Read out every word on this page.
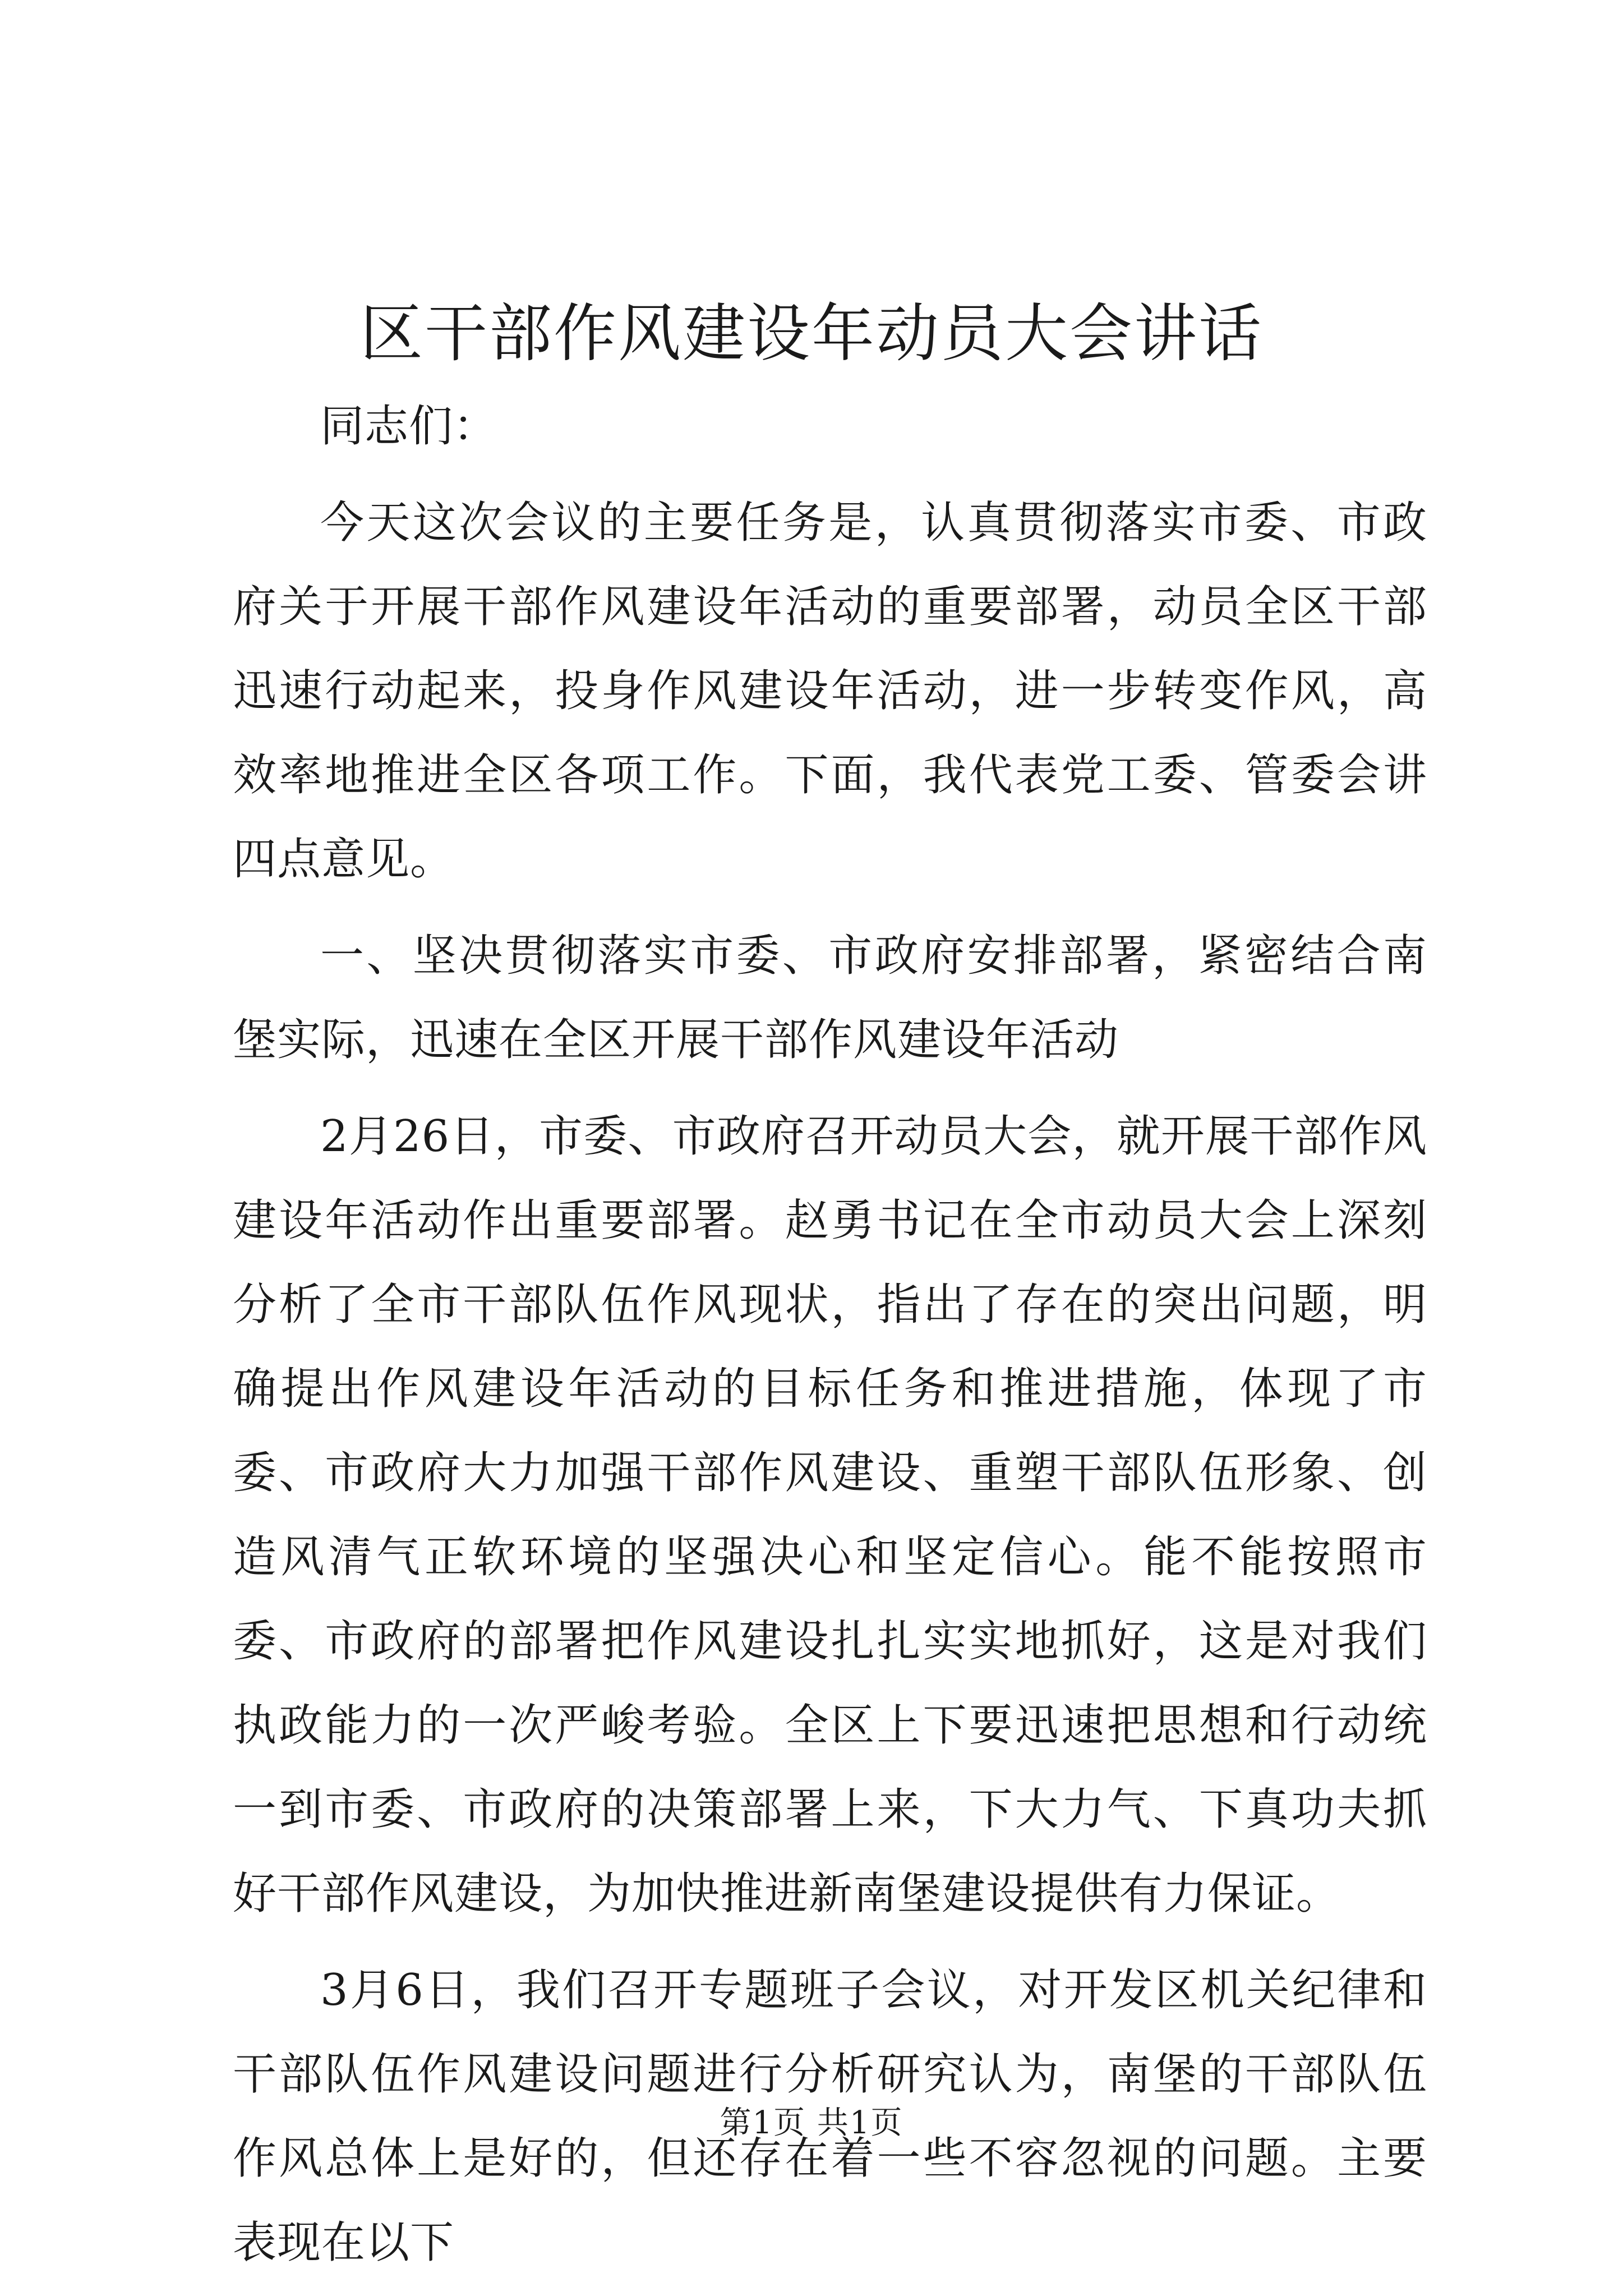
区干部作风建设年动员大会讲话

同志们：

今天这次会议的主要任务是，认真贯彻落实市委、市政府关于开展干部作风建设年活动的重要部署，动员全区干部迅速行动起来，投身作风建设年活动，进一步转变作风，高效率地推进全区各项工作。下面，我代表党工委、管委会讲四点意见。

一、坚决贯彻落实市委、市政府安排部署，紧密结合南堡实际，迅速在全区开展干部作风建设年活动

2月26日，市委、市政府召开动员大会，就开展干部作风建设年活动作出重要部署。赵勇书记在全市动员大会上深刻分析了全市干部队伍作风现状，指出了存在的突出问题，明确提出作风建设年活动的目标任务和推进措施，体现了市委、市政府大力加强干部作风建设、重塑干部队伍形象、创造风清气正软环境的坚强决心和坚定信心。能不能按照市委、市政府的部署把作风建设扎扎实实地抓好，这是对我们执政能力的一次严峻考验。全区上下要迅速把思想和行动统一到市委、市政府的决策部署上来，下大力气、下真功夫抓好干部作风建设，为加快推进新南堡建设提供有力保证。

3月6日，我们召开专题班子会议，对开发区机关纪律和干部队伍作风建设问题进行分析研究认为，南堡的干部队伍作风总体上是好的，但还存在着一些不容忽视的问题。主要表现在以下

第1页 共1页
